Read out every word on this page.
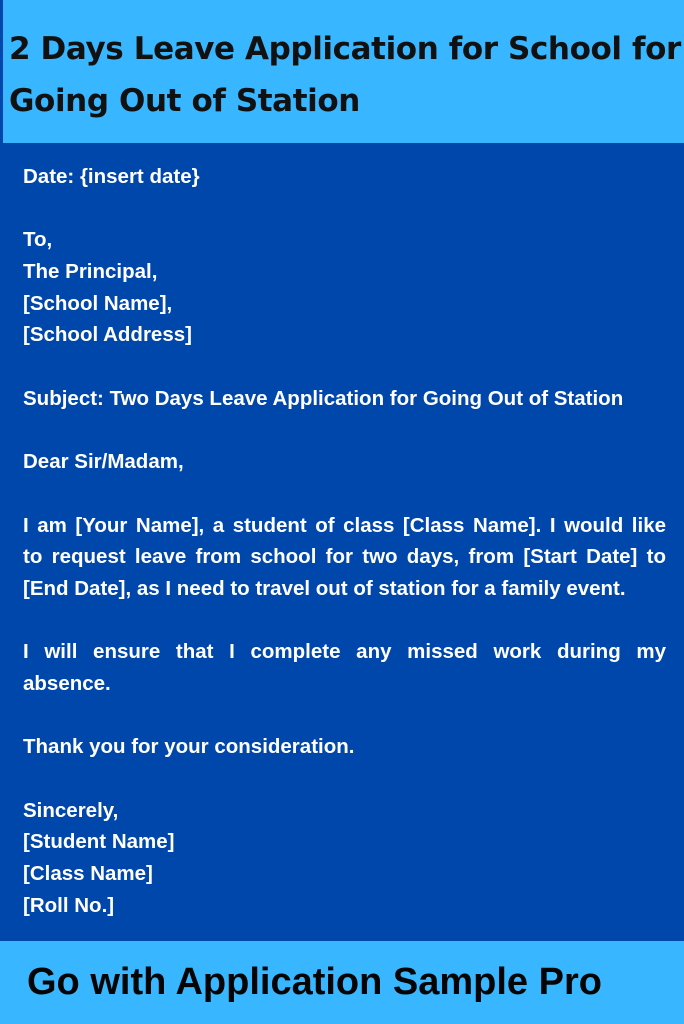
2 Days Leave Application for School for Going Out of Station
Date: {insert date}
To,
The Principal,
[School Name],
[School Address]
Subject: Two Days Leave Application for Going Out of Station
Dear Sir/Madam,
I am [Your Name], a student of class [Class Name]. I would like
to request leave from school for two days, from [Start Date] to
[End Date], as I need to travel out of station for a family event.
I will ensure that I complete any missed work during my
absence.
Thank you for your consideration.
Sincerely,
[Student Name]
[Class Name]
[Roll No.]

Go with Application Sample Pro
